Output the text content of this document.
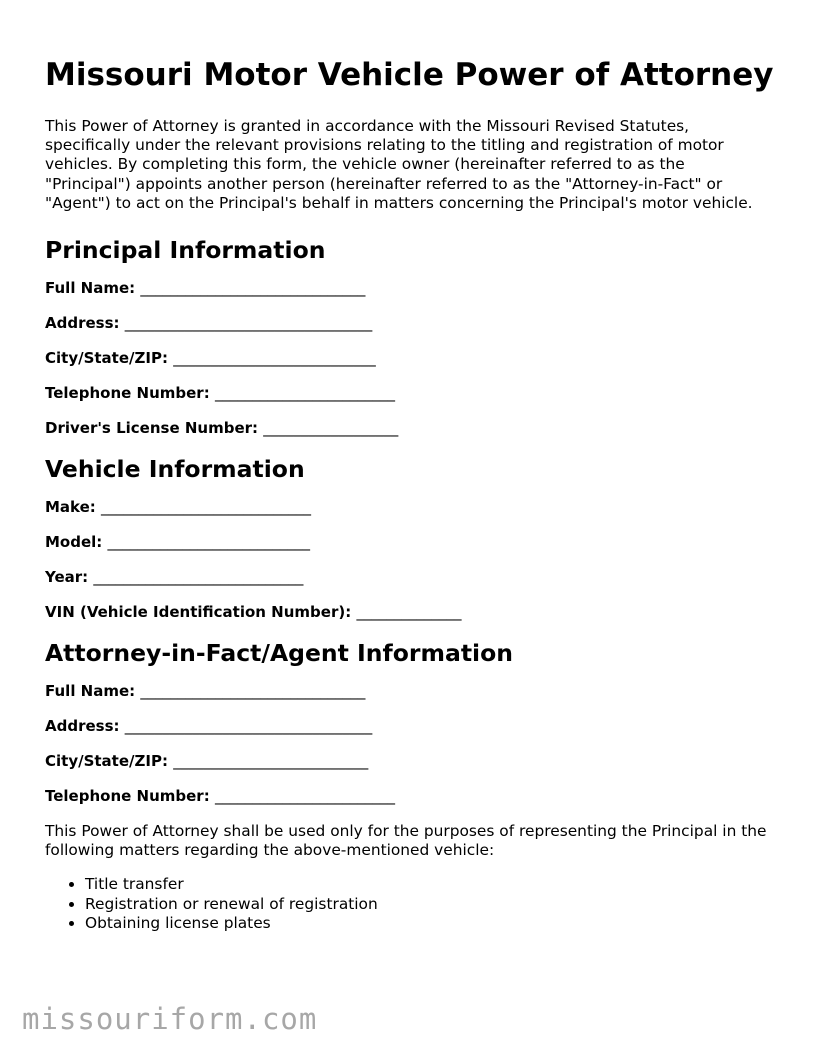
Missouri Motor Vehicle Power of Attorney

This Power of Attorney is granted in accordance with the Missouri Revised Statutes, specifically under the relevant provisions relating to the titling and registration of motor vehicles. By completing this form, the vehicle owner (hereinafter referred to as the "Principal") appoints another person (hereinafter referred to as the "Attorney-in-Fact" or "Agent") to act on the Principal's behalf in matters concerning the Principal's motor vehicle.

Principal Information
Full Name: ______________________________
Address: _________________________________
City/State/ZIP: ___________________________
Telephone Number: ________________________
Driver's License Number: __________________
Vehicle Information
Make: ____________________________
Model: ___________________________
Year: ____________________________
VIN (Vehicle Identification Number): ______________
Attorney-in-Fact/Agent Information
Full Name: ______________________________
Address: _________________________________
City/State/ZIP: __________________________
Telephone Number: ________________________

This Power of Attorney shall be used only for the purposes of representing the Principal in the following matters regarding the above-mentioned vehicle:

• Title transfer
• Registration or renewal of registration
• Obtaining license plates
missouriform.com
